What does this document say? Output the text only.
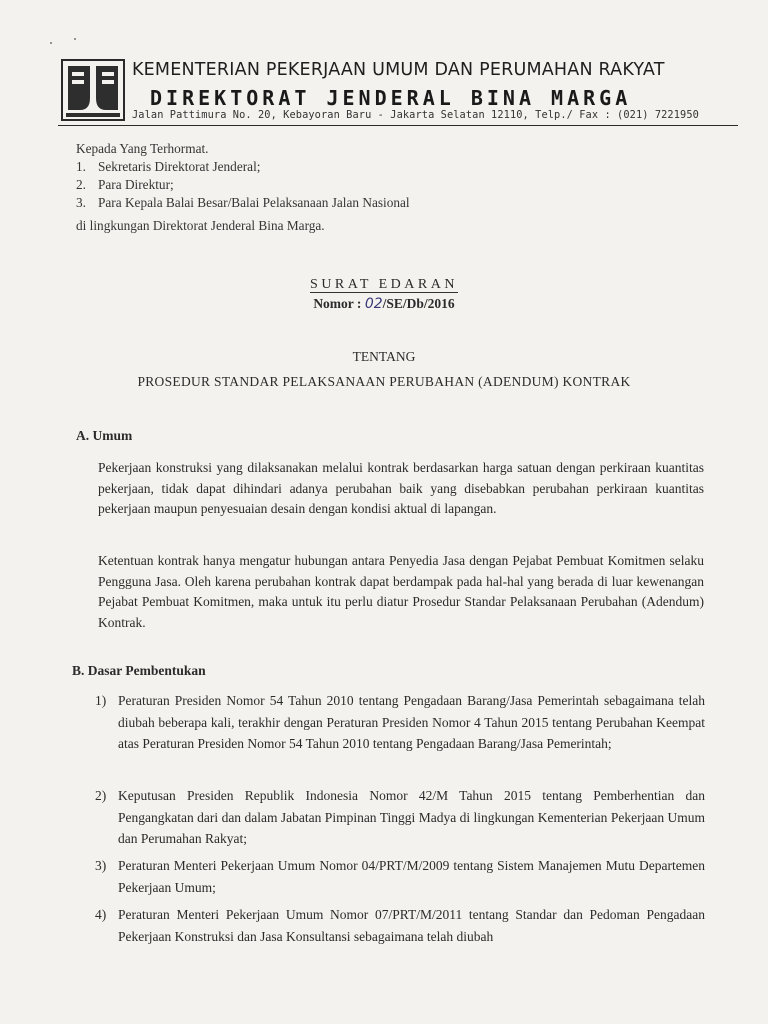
KEMENTERIAN PEKERJAAN UMUM DAN PERUMAHAN RAKYAT
DIREKTORAT JENDERAL BINA MARGA
Jalan Pattimura No. 20, Kebayoran Baru - Jakarta Selatan 12110, Telp./ Fax : (021) 7221950
Kepada Yang Terhormat.
1. Sekretaris Direktorat Jenderal;
2. Para Direktur;
3. Para Kepala Balai Besar/Balai Pelaksanaan Jalan Nasional
di lingkungan Direktorat Jenderal Bina Marga.
SURAT EDARAN
Nomor : 02/SE/Db/2016
TENTANG
PROSEDUR STANDAR PELAKSANAAN PERUBAHAN (ADENDUM) KONTRAK
A. Umum
Pekerjaan konstruksi yang dilaksanakan melalui kontrak berdasarkan harga satuan dengan perkiraan kuantitas pekerjaan, tidak dapat dihindari adanya perubahan baik yang disebabkan perubahan perkiraan kuantitas pekerjaan maupun penyesuaian desain dengan kondisi aktual di lapangan.
Ketentuan kontrak hanya mengatur hubungan antara Penyedia Jasa dengan Pejabat Pembuat Komitmen selaku Pengguna Jasa. Oleh karena perubahan kontrak dapat berdampak pada hal-hal yang berada di luar kewenangan Pejabat Pembuat Komitmen, maka untuk itu perlu diatur Prosedur Standar Pelaksanaan Perubahan (Adendum) Kontrak.
B. Dasar Pembentukan
1) Peraturan Presiden Nomor 54 Tahun 2010 tentang Pengadaan Barang/Jasa Pemerintah sebagaimana telah diubah beberapa kali, terakhir dengan Peraturan Presiden Nomor 4 Tahun 2015 tentang Perubahan Keempat atas Peraturan Presiden Nomor 54 Tahun 2010 tentang Pengadaan Barang/Jasa Pemerintah;
2) Keputusan Presiden Republik Indonesia Nomor 42/M Tahun 2015 tentang Pemberhentian dan Pengangkatan dari dan dalam Jabatan Pimpinan Tinggi Madya di lingkungan Kementerian Pekerjaan Umum dan Perumahan Rakyat;
3) Peraturan Menteri Pekerjaan Umum Nomor 04/PRT/M/2009 tentang Sistem Manajemen Mutu Departemen Pekerjaan Umum;
4) Peraturan Menteri Pekerjaan Umum Nomor 07/PRT/M/2011 tentang Standar dan Pedoman Pengadaan Pekerjaan Konstruksi dan Jasa Konsultansi sebagaimana telah diubah
